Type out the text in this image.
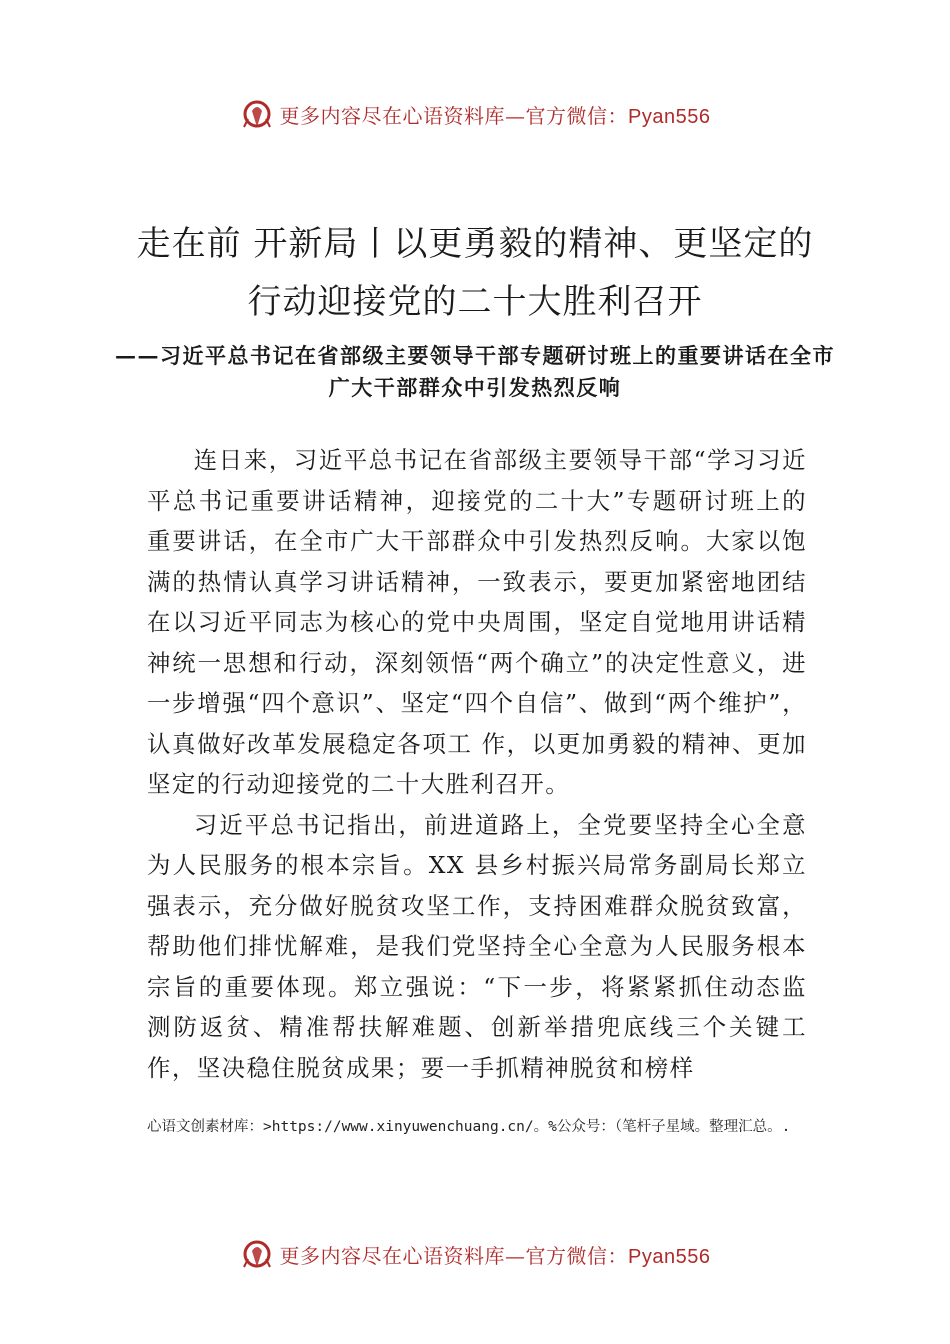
更多内容尽在心语资料库—官方微信：Pyan556
走在前 开新局丨以更勇毅的精神、更坚定的行动迎接党的二十大胜利召开
——习近平总书记在省部级主要领导干部专题研讨班上的重要讲话在全市广大干部群众中引发热烈反响

连日来，习近平总书记在省部级主要领导干部“学习习近平总书记重要讲话精神，迎接党的二十大”专题研讨班上的重要讲话，在全市广大干部群众中引发热烈反响。大家以饱满的热情认真学习讲话精神，一致表示，要更加紧密地团结在以习近平同志为核心的党中央周围，坚定自觉地用讲话精神统一思想和行动，深刻领悟“两个确立”的决定性意义，进一步增强“四个意识”、坚定“四个自信”、做到“两个维护”，认真做好改革发展稳定各项工 作，以更加勇毅的精神、更加坚定的行动迎接党的二十大胜利召开。

习近平总书记指出，前进道路上，全党要坚持全心全意为人民服务的根本宗旨。XX 县乡村振兴局常务副局长郑立强表示，充分做好脱贫攻坚工作，支持困难群众脱贫致富，帮助他们排忧解难，是我们党坚持全心全意为人民服务根本宗旨的重要体现。郑立强说：“下一步，将紧紧抓住动态监测防返贫、精准帮扶解难题、创新举措兜底线三个关键工作，坚决稳住脱贫成果；要一手抓精神脱贫和榜样

心语文创素材库：>https://www.xinyuwenchuang.cn/。%公众号：（笔杆子星域。整理汇总。.
更多内容尽在心语资料库—官方微信：Pyan556
